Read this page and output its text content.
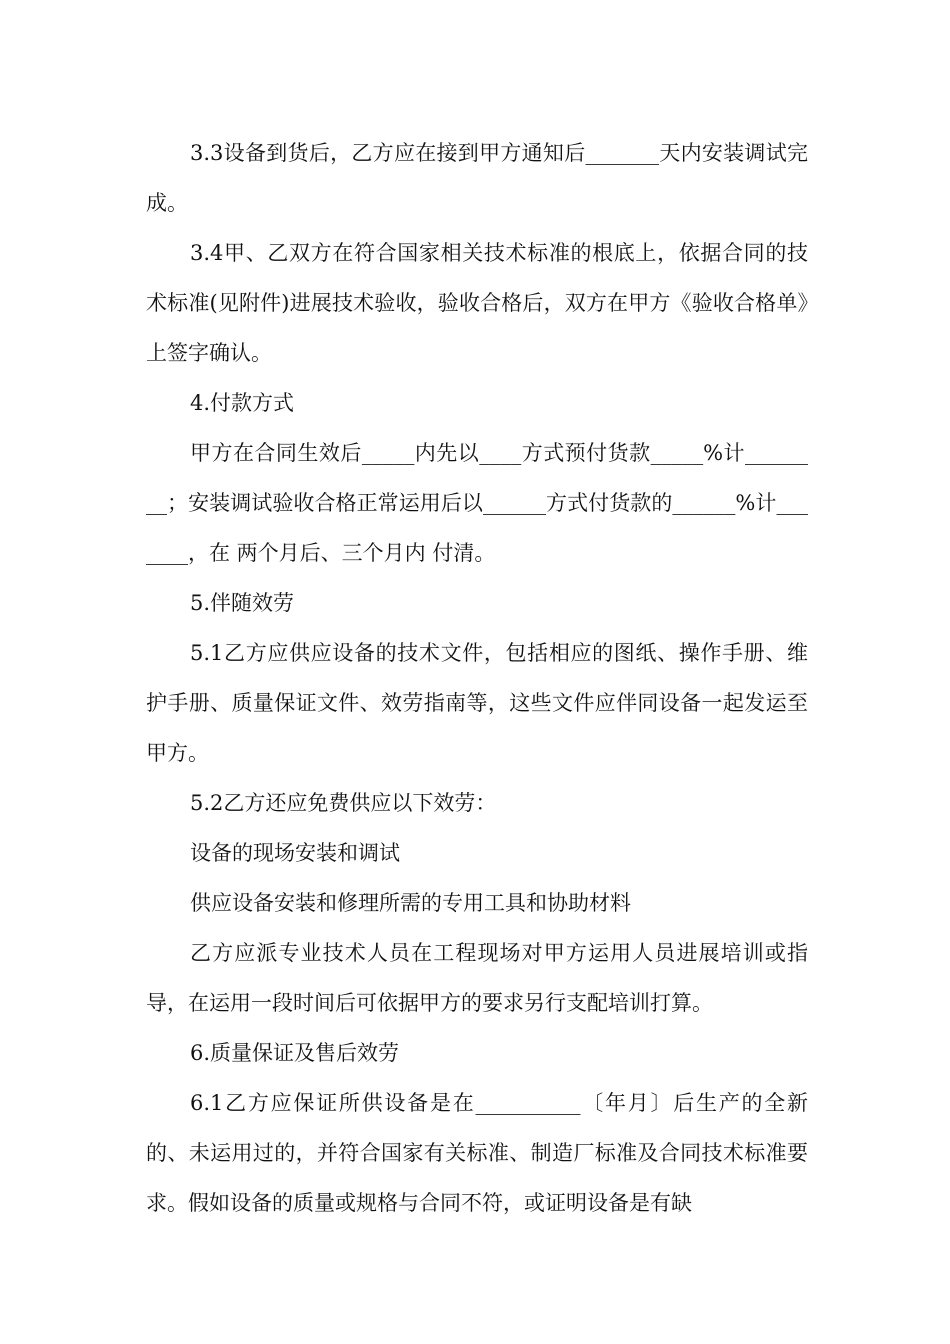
3.3设备到货后，乙方应在接到甲方通知后_______天内安装调试完成。

3.4甲、乙双方在符合国家相关技术标准的根底上，依据合同的技术标准(见附件)进展技术验收，验收合格后，双方在甲方《验收合格单》上签字确认。

4.付款方式

甲方在合同生效后_____内先以____方式预付货款_____%计________；安装调试验收合格正常运用后以______方式付货款的______%计_______，在 两个月后、三个月内 付清。

5.伴随效劳

5.1乙方应供应设备的技术文件，包括相应的图纸、操作手册、维护手册、质量保证文件、效劳指南等，这些文件应伴同设备一起发运至甲方。

5.2乙方还应免费供应以下效劳：

设备的现场安装和调试

供应设备安装和修理所需的专用工具和协助材料

乙方应派专业技术人员在工程现场对甲方运用人员进展培训或指导，在运用一段时间后可依据甲方的要求另行支配培训打算。

6.质量保证及售后效劳

6.1乙方应保证所供设备是在__________〔年月〕后生产的全新的、未运用过的，并符合国家有关标准、制造厂标准及合同技术标准要求。假如设备的质量或规格与合同不符，或证明设备是有缺
